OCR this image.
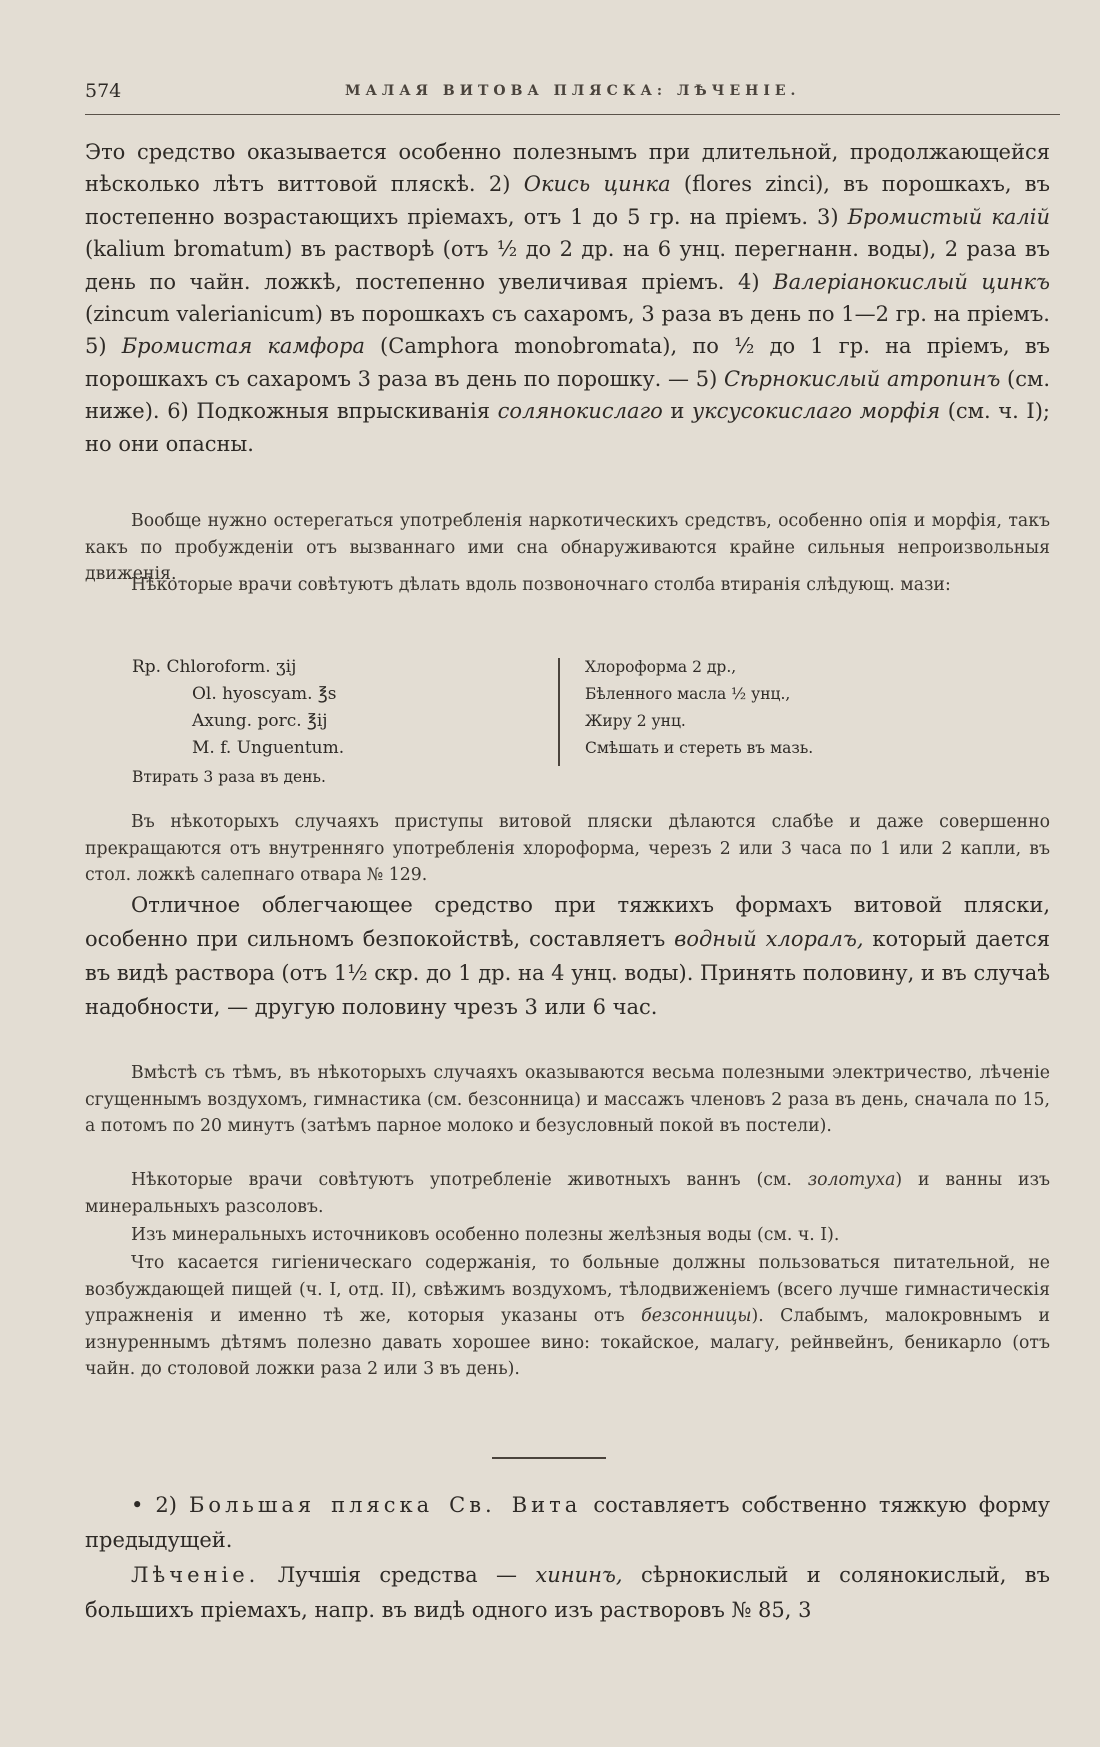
574	МАЛАЯ ВИТОВА ПЛЯСКА: ЛѢЧЕНІЕ.

Это средство оказывается особенно полезнымъ при длительной, продолжающейся нѣсколько лѣтъ виттовой пляскѣ. 2) Окись цинка (flores zinci), въ порошкахъ, въ постепенно возрастающихъ пріемахъ, отъ 1 до 5 гр. на пріемъ. 3) Бромистый калій (kalium bromatum) въ растворѣ (отъ ½ до 2 др. на 6 унц. перегнанн. воды), 2 раза въ день по чайн. ложкѣ, постепенно увеличивая пріемъ. 4) Валеріанокислый цинкъ (zincum valerianicum) въ порошкахъ съ сахаромъ, 3 раза въ день по 1—2 гр. на пріемъ. 5) Бромистая камфора (Camphora monobromata), по ½ до 1 гр. на пріемъ, въ порошкахъ съ сахаромъ 3 раза въ день по порошку. — 5) Сѣрнокислый атропинъ (см. ниже). 6) Подкожныя впрыскиванія солянокислаго и уксусокислаго морфія (см. ч. I); но они опасны.

Вообще нужно остерегаться употребленія наркотическихъ средствъ, особенно опія и морфія, такъ какъ по пробужденіи отъ вызваннаго ими сна обнаруживаются крайне сильныя непроизвольныя движенія.

Нѣкоторые врачи совѣтуютъ дѣлать вдоль позвоночнаго столба втиранія слѣдующ. мази:

Rp. Chloroform. ʒij
Ol. hyoscyam. ℥s
Axung. porc. ℥ij
M. f. Unguentum.
Хлороформа 2 др.,
Бѣленного масла ½ унц.,
Жиру 2 унц.
Смѣшать и стереть въ мазь.
Втирать 3 раза въ день.

Въ нѣкоторыхъ случаяхъ приступы витовой пляски дѣлаются слабѣе и даже совершенно прекращаются отъ внутренняго употребленія хлороформа, черезъ 2 или 3 часа по 1 или 2 капли, въ стол. ложкѣ салепнаго отвара № 129.

Отличное облегчающее средство при тяжкихъ формахъ витовой пляски, особенно при сильномъ безпокойствѣ, составляетъ водный хлоралъ, который дается въ видѣ раствора (отъ 1½ скр. до 1 др. на 4 унц. воды). Принять половину, и въ случаѣ надобности, — другую половину чрезъ 3 или 6 час.

Вмѣстѣ съ тѣмъ, въ нѣкоторыхъ случаяхъ оказываются весьма полезными электричество, лѣченіе сгущеннымъ воздухомъ, гимнастика (см. безсонница) и массажъ членовъ 2 раза въ день, сначала по 15, а потомъ по 20 минутъ (затѣмъ парное молоко и безусловный покой въ постели).

Нѣкоторые врачи совѣтуютъ употребленіе животныхъ ваннъ (см. золотуха) и ванны изъ минеральныхъ разсоловъ.

Изъ минеральныхъ источниковъ особенно полезны желѣзныя воды (см. ч. I).

Что касается гигіеническаго содержанія, то больные должны пользоваться питательной, не возбуждающей пищей (ч. I, отд. II), свѣжимъ воздухомъ, тѣлодвиженіемъ (всего лучше гимнастическія упражненія и именно тѣ же, которыя указаны отъ безсонницы). Слабымъ, малокровнымъ и изнуреннымъ дѣтямъ полезно давать хорошее вино: токайское, малагу, рейнвейнъ, беникарло (отъ чайн. до столовой ложки раза 2 или 3 въ день).

• 2) Большая пляска Св. Вита составляетъ собственно тяжкую форму предыдущей.

Лѣченіе. Лучшія средства — хининъ, сѣрнокислый и солянокислый, въ большихъ пріемахъ, напр. въ видѣ одного изъ растворовъ № 85, 3
